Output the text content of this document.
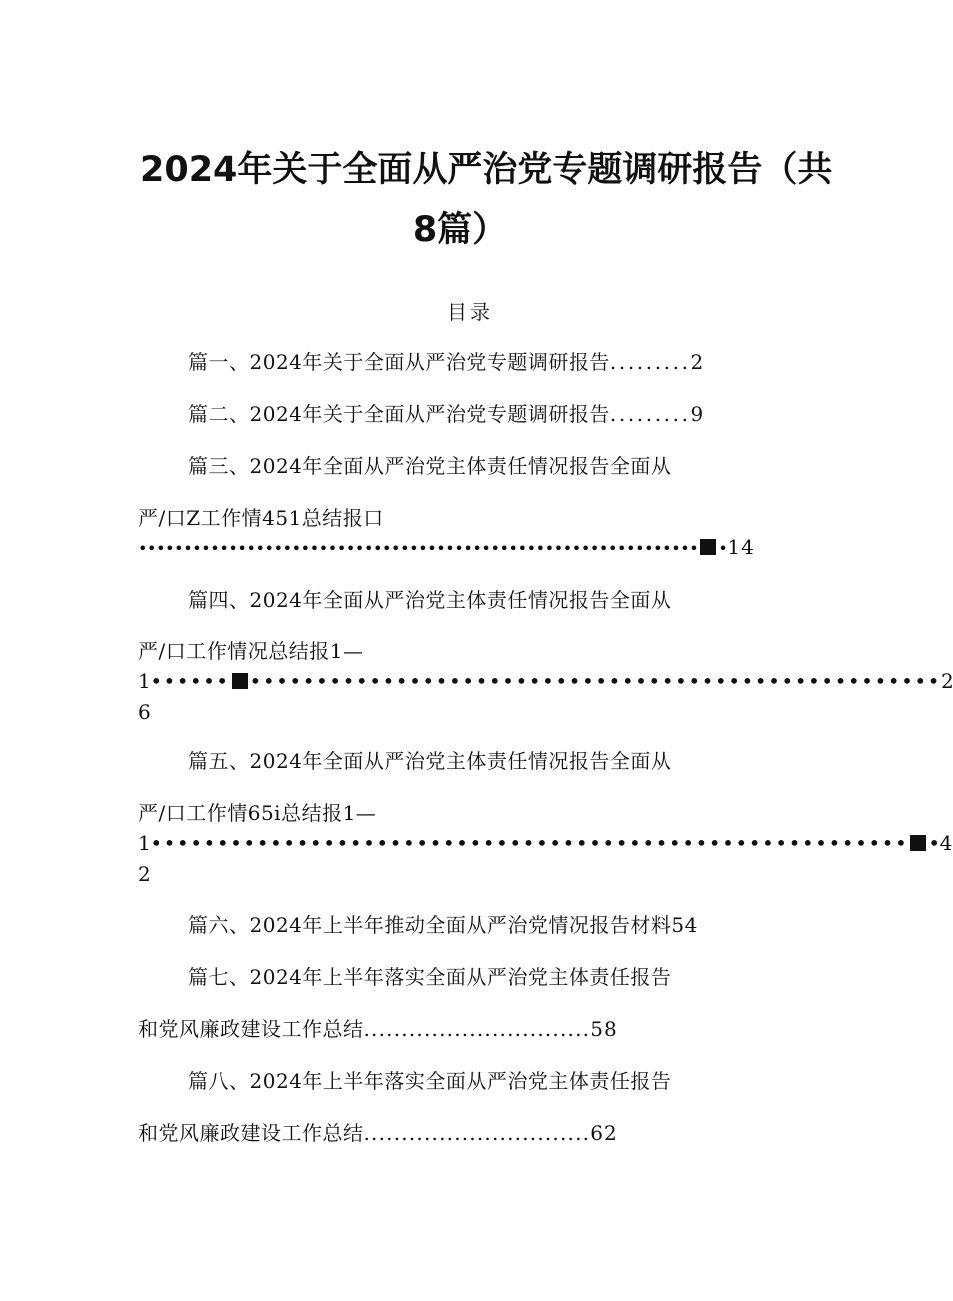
2024年关于全面从严治党专题调研报告（共
8篇）
目录
篇一、2024年关于全面从严治党专题调研报告.........2
篇二、2024年关于全面从严治党专题调研报告.........9
篇三、2024年全面从严治党主体责任情况报告全面从
严/口Z工作情451总结报口
•••••••••••••••••••••••••••••••••••••••••••••••••••••••••••••• •14
篇四、2024年全面从严治党主体责任情况报告全面从
严/口工作情况总结报1—
1•••••• ••••••••••••••••••••••••••••••••••••••••••••••••••••2
6
篇五、2024年全面从严治党主体责任情况报告全面从
严/口工作情65i总结报1—
1••••••••••••••••••••••••••••••••••••••••••••••••••••••••• •4
2
篇六、2024年上半年推动全面从严治党情况报告材料54
篇七、2024年上半年落实全面从严治党主体责任报告
和党风廉政建设工作总结..............................58
篇八、2024年上半年落实全面从严治党主体责任报告
和党风廉政建设工作总结..............................62
